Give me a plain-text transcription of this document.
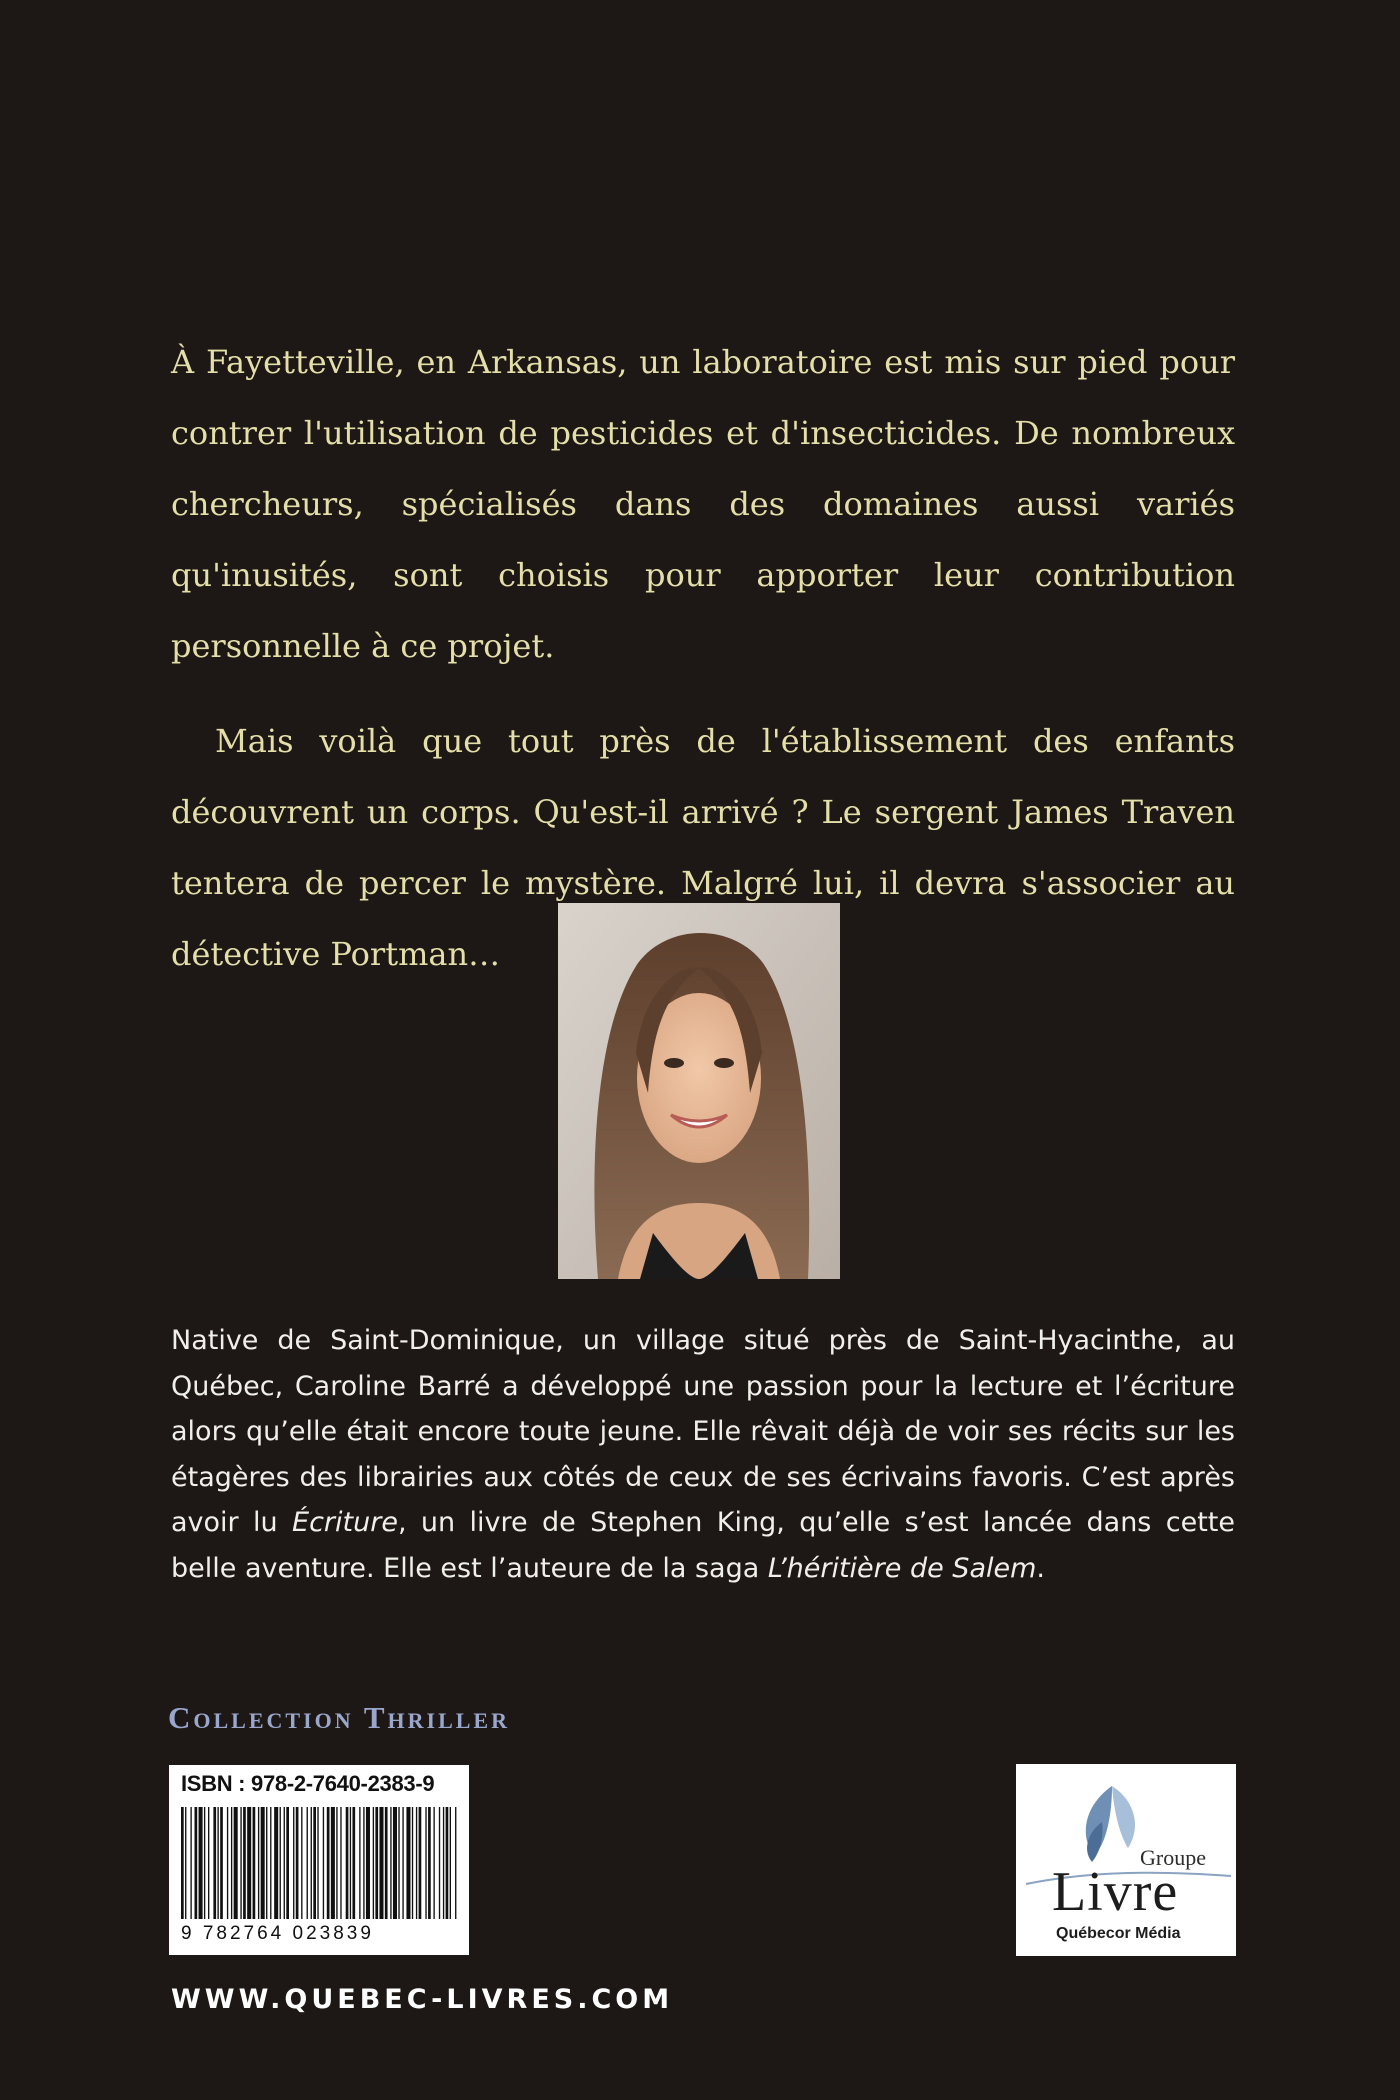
À Fayetteville, en Arkansas, un laboratoire est mis sur pied pour contrer l'utilisation de pesticides et d'insecticides. De nombreux chercheurs, spécialisés dans des domaines aussi variés qu'inusités, sont choisis pour apporter leur contribution personnelle à ce projet.

Mais voilà que tout près de l'établissement des enfants découvrent un corps. Qu'est-il arrivé ? Le sergent James Traven tentera de percer le mystère. Malgré lui, il devra s'associer au détective Portman…

Native de Saint-Dominique, un village situé près de Saint-Hyacinthe, au Québec, Caroline Barré a développé une passion pour la lecture et l’écriture alors qu’elle était encore toute jeune. Elle rêvait déjà de voir ses récits sur les étagères des librairies aux côtés de ceux de ses écrivains favoris. C’est après avoir lu Écriture, un livre de Stephen King, qu’elle s’est lancée dans cette belle aventure. Elle est l’auteure de la saga L’héritière de Salem.

Collection Thriller
ISBN : 978-2-7640-2383-9
9 782764 023839
Groupe
Livre
Québecor Média
WWW.QUEBEC-LIVRES.COM
